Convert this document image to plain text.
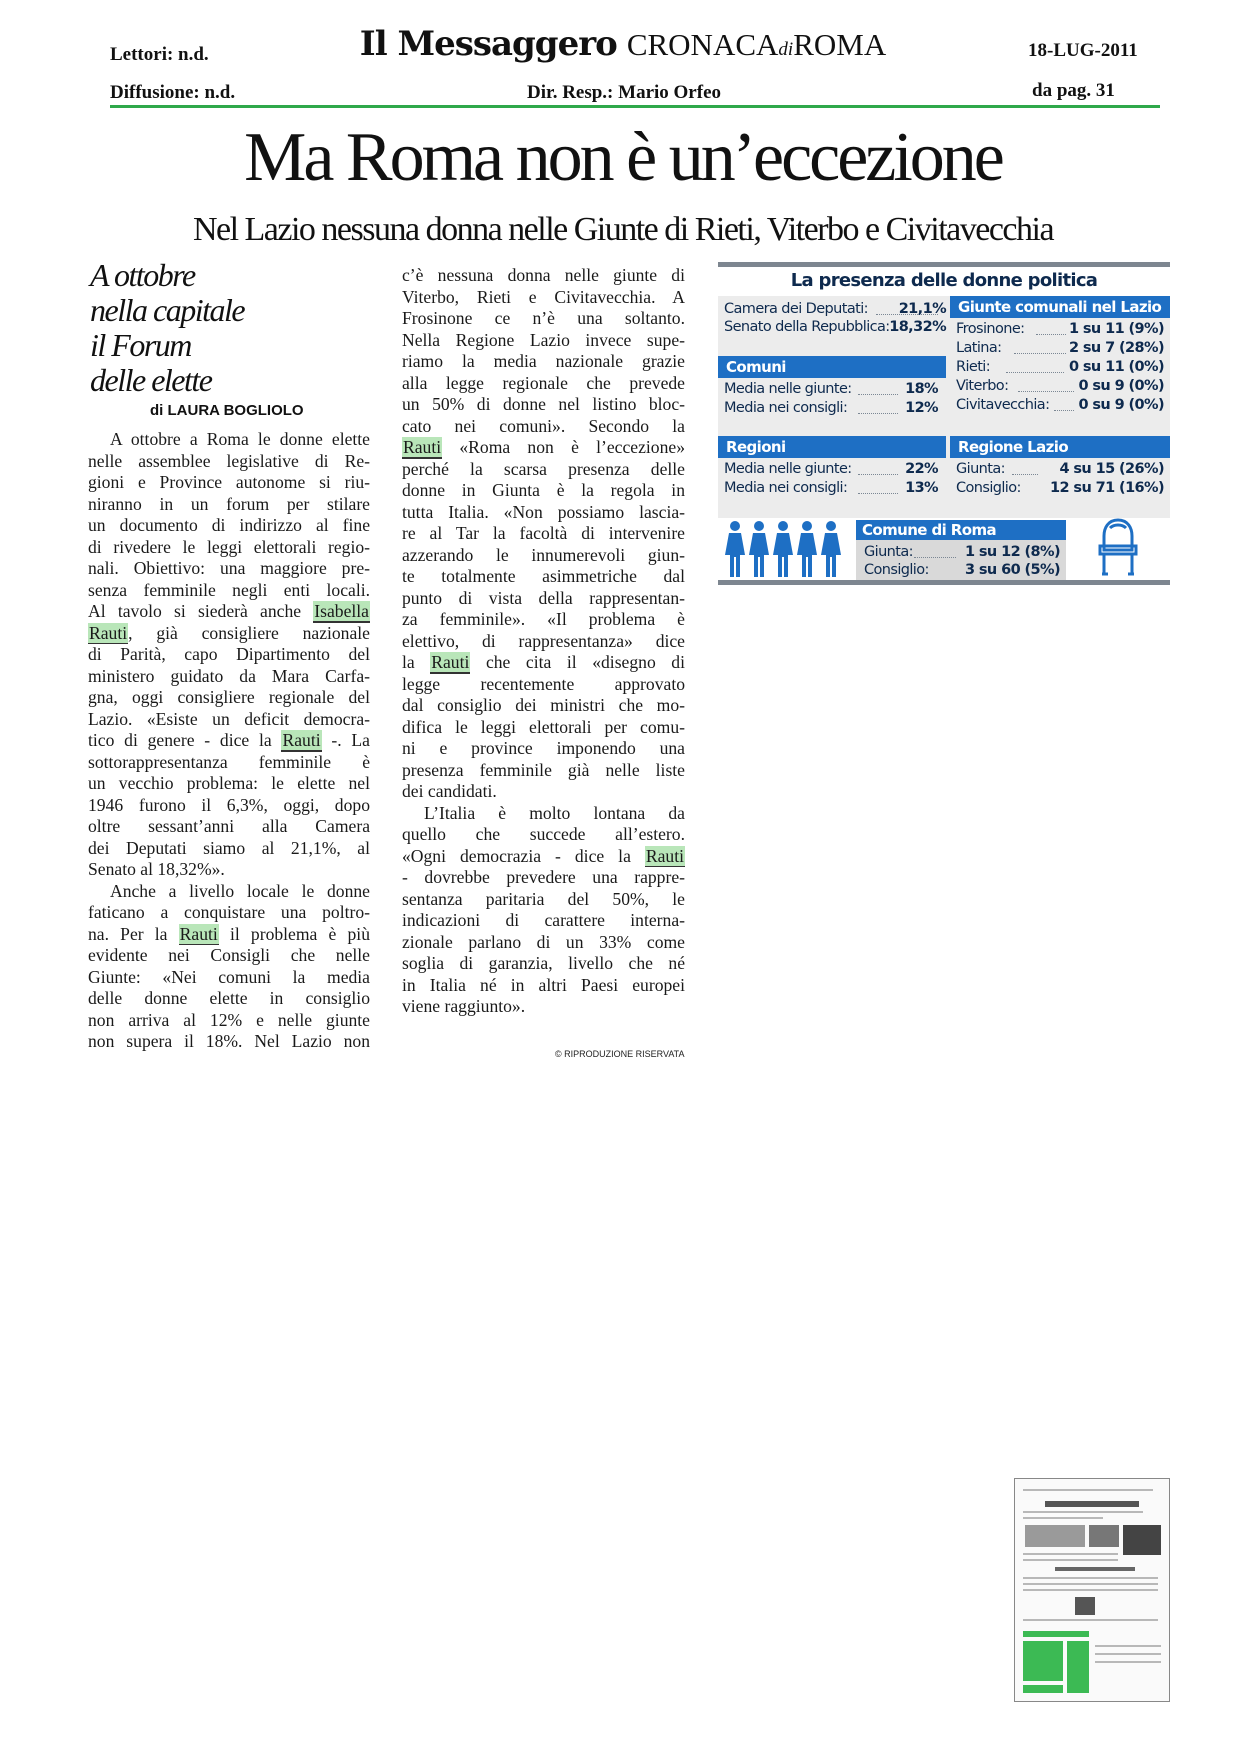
Lettori: n.d.
Diffusione: n.d.
Il Messaggero CRONACAdiROMA
Dir. Resp.: Mario Orfeo
18-LUG-2011
da pag. 31
Ma Roma non è un’eccezione
Nel Lazio nessuna donna nelle Giunte di Rieti, Viterbo e Civitavecchia
A ottobre
nella capitale
il Forum
delle elette
di LAURA BOGLIOLO
A ottobre a Roma le donne elette
nelle assemblee legislative di Re-
gioni e Province autonome si riu-
niranno in un forum per stilare
un documento di indirizzo al fine
di rivedere le leggi elettorali regio-
nali. Obiettivo: una maggiore pre-
senza femminile negli enti locali.
Al tavolo si siederà anche Isabella
Rauti, già consigliere nazionale
di Parità, capo Dipartimento del
ministero guidato da Mara Carfa-
gna, oggi consigliere regionale del
Lazio. «Esiste un deficit democra-
tico di genere - dice la Rauti -. La
sottorappresentanza femminile è
un vecchio problema: le elette nel
1946 furono il 6,3%, oggi, dopo
oltre sessant’anni alla Camera
dei Deputati siamo al 21,1%, al
Senato al 18,32%».
Anche a livello locale le donne
faticano a conquistare una poltro-
na. Per la Rauti il problema è più
evidente nei Consigli che nelle
Giunte: «Nei comuni la media
delle donne elette in consiglio
non arriva al 12% e nelle giunte
non supera il 18%. Nel Lazio non
c’è nessuna donna nelle giunte di
Viterbo, Rieti e Civitavecchia. A
Frosinone ce n’è una soltanto.
Nella Regione Lazio invece supe-
riamo la media nazionale grazie
alla legge regionale che prevede
un 50% di donne nel listino bloc-
cato nei comuni». Secondo la
Rauti «Roma non è l’eccezione»
perché la scarsa presenza delle
donne in Giunta è la regola in
tutta Italia. «Non possiamo lascia-
re al Tar la facoltà di intervenire
azzerando le innumerevoli giun-
te totalmente asimmetriche dal
punto di vista della rappresentan-
za femminile». «Il problema è
elettivo, di rappresentanza» dice
la Rauti che cita il «disegno di
legge recentemente approvato
dal consiglio dei ministri che mo-
difica le leggi elettorali per comu-
ni e province imponendo una
presenza femminile già nelle liste
dei candidati.
L’Italia è molto lontana da
quello che succede all’estero.
«Ogni democrazia - dice la Rauti
- dovrebbe prevedere una rappre-
sentanza paritaria del 50%, le
indicazioni di carattere interna-
zionale parlano di un 33% come
soglia di garanzia, livello che né
in Italia né in altri Paesi europei
viene raggiunto».
© RIPRODUZIONE RISERVATA
La presenza delle donne politica
Camera dei Deputati:	21,1%
Senato della Repubblica: 18,32%
Comuni
Media nelle giunte:	18%
Media nei consigli:	12%
Regioni
Media nelle giunte:	22%
Media nei consigli:	13%
Giunte comunali nel Lazio
Frosinone:	1 su 11 (9%)
Latina:	2 su 7 (28%)
Rieti:	0 su 11 (0%)
Viterbo:	0 su 9 (0%)
Civitavecchia:	0 su 9 (0%)
Regione Lazio
Giunta:	4 su 15 (26%)
Consiglio:	12 su 71 (16%)
Comune di Roma
Giunta:	1 su 12 (8%)
Consiglio:	3 su 60 (5%)
